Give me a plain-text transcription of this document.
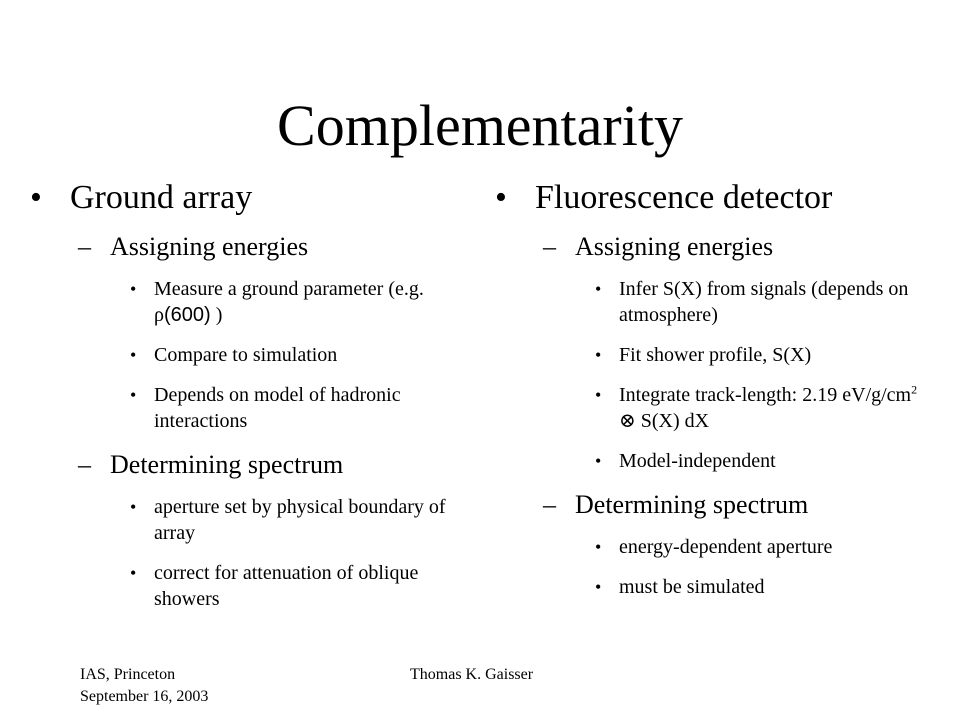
Complementarity
• Ground array
– Assigning energies
• Measure a ground parameter (e.g. ρ(600) )
• Compare to simulation
• Depends on model of hadronic interactions
– Determining spectrum
• aperture set by physical boundary of array
• correct for attenuation of oblique showers
• Fluorescence detector
– Assigning energies
• Infer S(X) from signals (depends on atmosphere)
• Fit shower profile, S(X)
• Integrate track-length: 2.19 $eV/g/cm^2$ ⊗ S(X) dX
• Model-independent
– Determining spectrum
• energy-dependent aperture
• must be simulated
IAS, Princeton
September 16, 2003
Thomas K. Gaisser
